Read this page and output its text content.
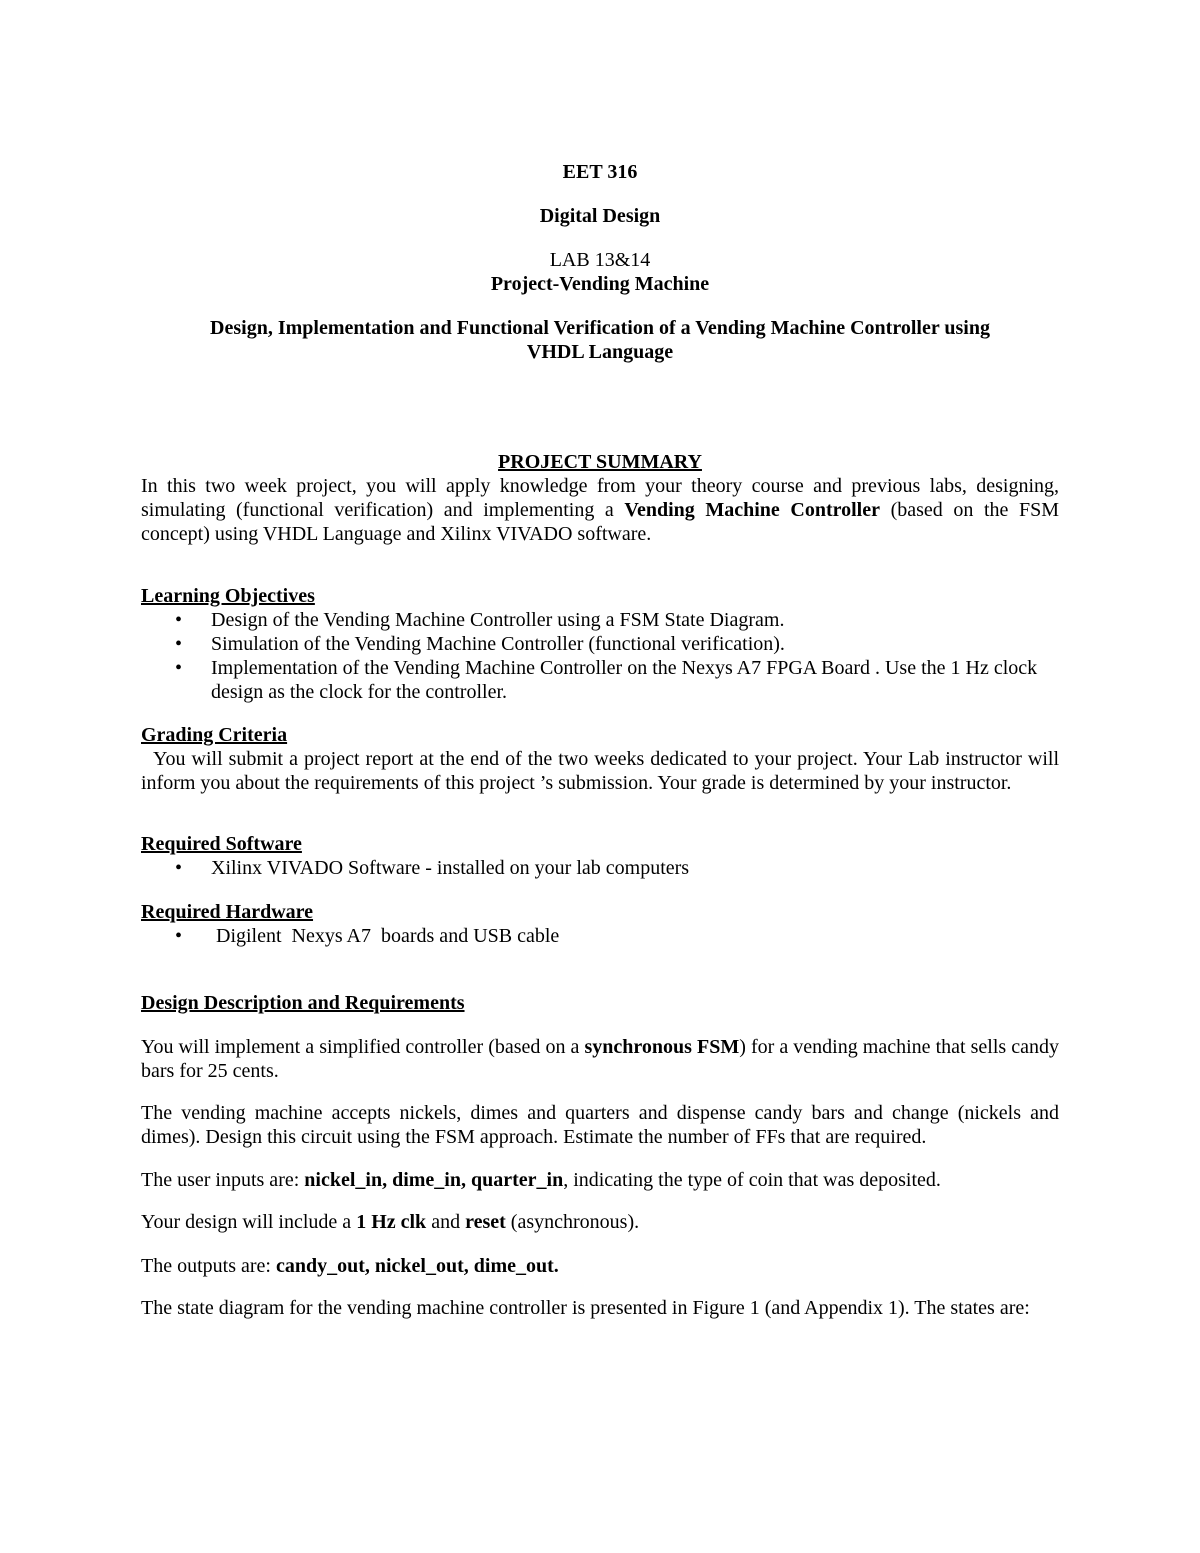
EET 316
Digital Design
LAB 13&14
Project-Vending Machine
Design, Implementation and Functional Verification of a Vending Machine Controller using
VHDL Language
PROJECT SUMMARY

In this two week project, you will apply knowledge from your theory course and previous labs, designing, simulating (functional verification) and implementing a Vending Machine Controller (based on the FSM concept) using VHDL Language and Xilinx VIVADO software.

Learning Objectives

• Design of the Vending Machine Controller using a FSM State Diagram.
• Simulation of the Vending Machine Controller (functional verification).
• Implementation of the Vending Machine Controller on the Nexys A7 FPGA Board . Use the 1 Hz clock design as the clock for the controller.

Grading Criteria

You will submit a project report at the end of the two weeks dedicated to your project. Your Lab instructor will inform you about the requirements of this project ’s submission. Your grade is determined by your instructor.

Required Software

• Xilinx VIVADO Software - installed on your lab computers

Required Hardware

• Digilent  Nexys A7  boards and USB cable

Design Description and Requirements

You will implement a simplified controller (based on a synchronous FSM) for a vending machine that sells candy bars for 25 cents.

The vending machine accepts nickels, dimes and quarters and dispense candy bars and change (nickels and dimes). Design this circuit using the FSM approach. Estimate the number of FFs that are required.

The user inputs are: nickel_in, dime_in, quarter_in, indicating the type of coin that was deposited.

Your design will include a 1 Hz clk and reset (asynchronous).

The outputs are: candy_out, nickel_out, dime_out.

The state diagram for the vending machine controller is presented in Figure 1 (and Appendix 1). The states are:
